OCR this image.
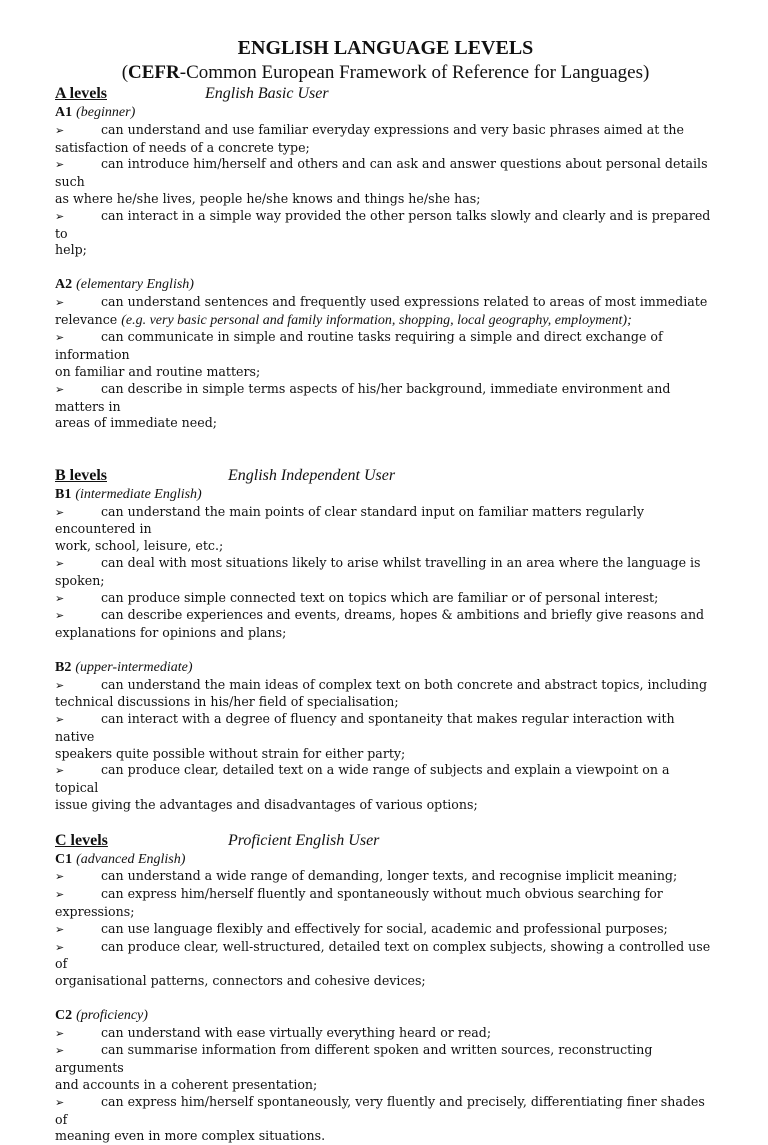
ENGLISH LANGUAGE LEVELS

(CEFR-Common European Framework of Reference for Languages)

A levels	English Basic User
A1 (beginner)
➢	can understand and use familiar everyday expressions and very basic phrases aimed at the
satisfaction of needs of a concrete type;
➢	can introduce him/herself and others and can ask and answer questions about personal details such
as where he/she lives, people he/she knows and things he/she has;
➢	can interact in a simple way provided the other person talks slowly and clearly and is prepared to
help;
A2 (elementary English)
➢	can understand sentences and frequently used expressions related to areas of most immediate
relevance (e.g. very basic personal and family information, shopping, local geography, employment);
➢	can communicate in simple and routine tasks requiring a simple and direct exchange of information
on familiar and routine matters;
➢	can describe in simple terms aspects of his/her background, immediate environment and matters in
areas of immediate need;
B levels	English Independent User
B1 (intermediate English)
➢	can understand the main points of clear standard input on familiar matters regularly encountered in
work, school, leisure, etc.;
➢	can deal with most situations likely to arise whilst travelling in an area where the language is
spoken;
➢	can produce simple connected text on topics which are familiar or of personal interest;
➢	can describe experiences and events, dreams, hopes & ambitions and briefly give reasons and
explanations for opinions and plans;
B2 (upper-intermediate)
➢	can understand the main ideas of complex text on both concrete and abstract topics, including
technical discussions in his/her field of specialisation;
➢	can interact with a degree of fluency and spontaneity that makes regular interaction with native
speakers quite possible without strain for either party;
➢	can produce clear, detailed text on a wide range of subjects and explain a viewpoint on a topical
issue giving the advantages and disadvantages of various options;
C levels	Proficient English User
C1 (advanced English)
➢	can understand a wide range of demanding, longer texts, and recognise implicit meaning;
➢	can express him/herself fluently and spontaneously without much obvious searching for
expressions;
➢	can use language flexibly and effectively for social, academic and professional purposes;
➢	can produce clear, well-structured, detailed text on complex subjects, showing a controlled use of
organisational patterns, connectors and cohesive devices;
C2 (proficiency)
➢	can understand with ease virtually everything heard or read;
➢	can summarise information from different spoken and written sources, reconstructing arguments
and accounts in a coherent presentation;
➢	can express him/herself spontaneously, very fluently and precisely, differentiating finer shades of
meaning even in more complex situations.
